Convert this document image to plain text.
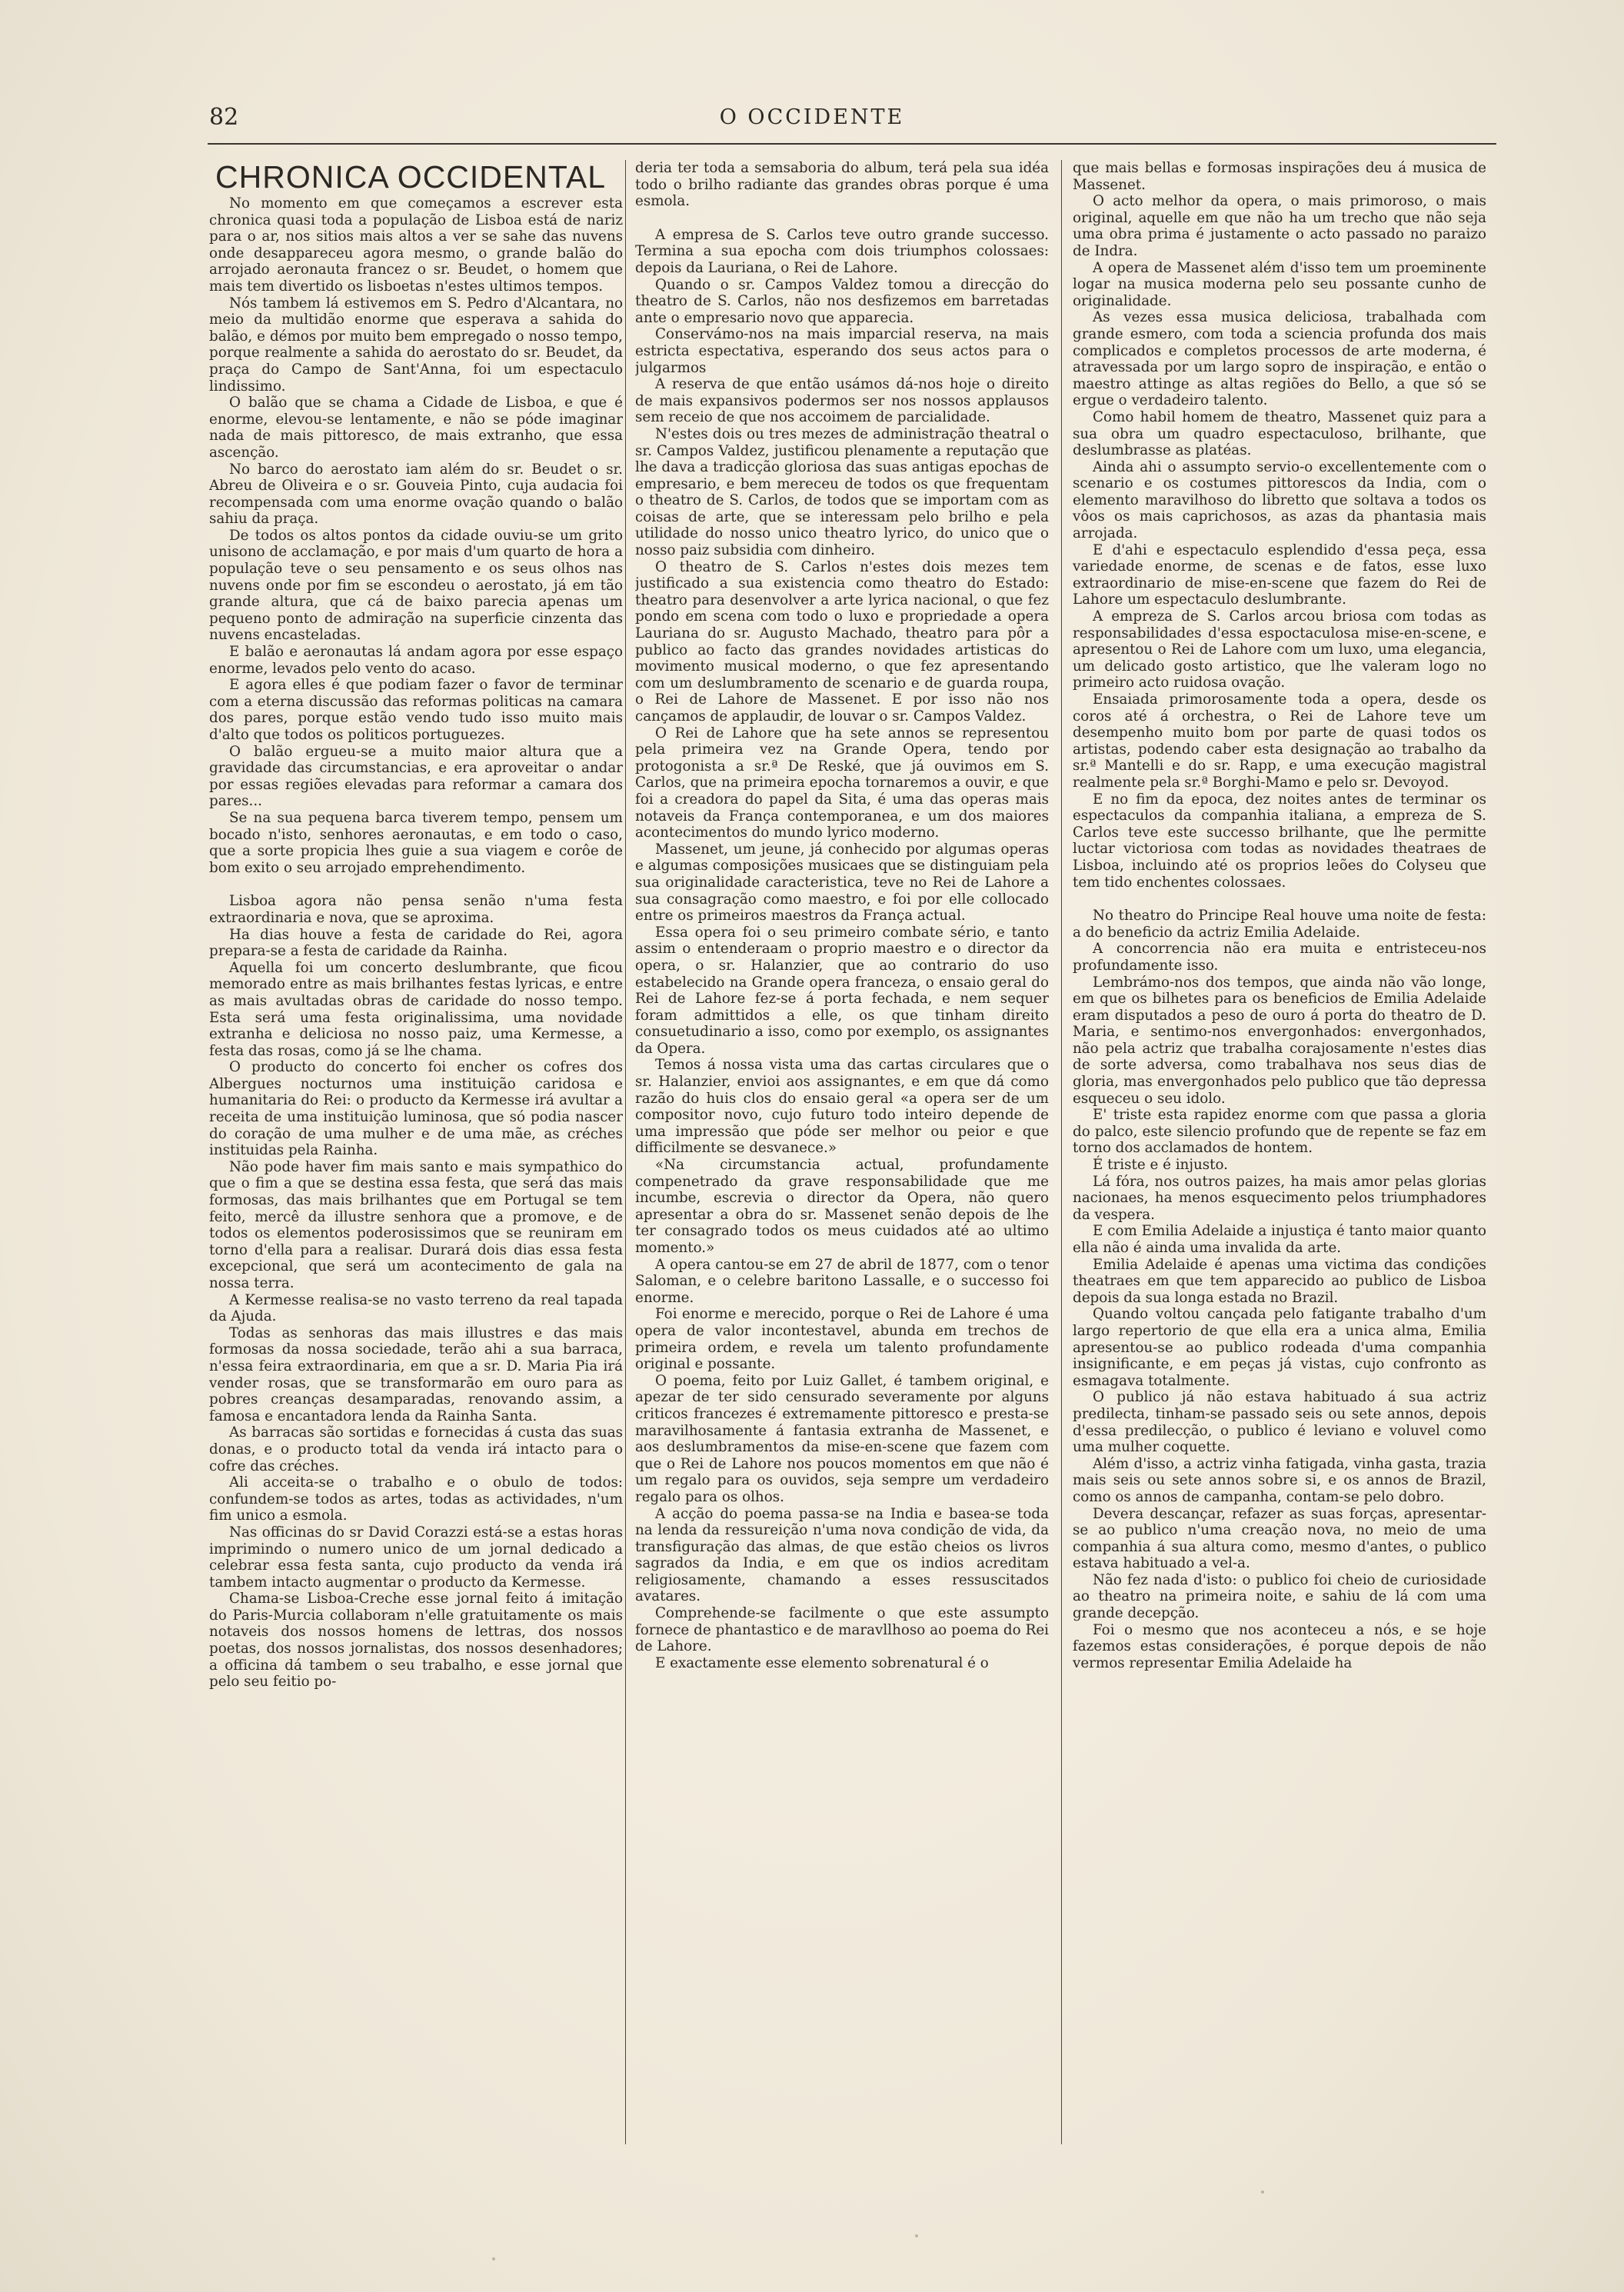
82	O OCCIDENTE
CHRONICA OCCIDENTAL

No momento em que começamos a escrever esta chronica quasi toda a população de Lisboa está de nariz para o ar, nos sitios mais altos a ver se sahe das nuvens onde desappareceu agora mesmo, o grande balão do arrojado aeronauta francez o sr. Beudet, o homem que mais tem divertido os lisboetas n'estes ultimos tempos.

Nós tambem lá estivemos em S. Pedro d'Alcantara, no meio da multidão enorme que esperava a sahida do balão, e démos por muito bem empregado o nosso tempo, porque realmente a sahida do aerostato do sr. Beudet, da praça do Campo de Sant'Anna, foi um espectaculo lindissimo.

O balão que se chama a Cidade de Lisboa, e que é enorme, elevou-se lentamente, e não se póde imaginar nada de mais pittoresco, de mais extranho, que essa ascenção.

No barco do aerostato iam além do sr. Beudet o sr. Abreu de Oliveira e o sr. Gouveia Pinto, cuja audacia foi recompensada com uma enorme ovação quando o balão sahiu da praça.

De todos os altos pontos da cidade ouviu-se um grito unisono de acclamação, e por mais d'um quarto de hora a população teve o seu pensamento e os seus olhos nas nuvens onde por fim se escondeu o aerostato, já em tão grande altura, que cá de baixo parecia apenas um pequeno ponto de admiração na superficie cinzenta das nuvens encasteladas.

E balão e aeronautas lá andam agora por esse espaço enorme, levados pelo vento do acaso.

E agora elles é que podiam fazer o favor de terminar com a eterna discussão das reformas politicas na camara dos pares, porque estão vendo tudo isso muito mais d'alto que todos os politicos portuguezes.

O balão ergueu-se a muito maior altura que a gravidade das circumstancias, e era aproveitar o andar por essas regiões elevadas para reformar a camara dos pares...

Se na sua pequena barca tiverem tempo, pensem um bocado n'isto, senhores aeronautas, e em todo o caso, que a sorte propicia lhes guie a sua viagem e corôe de bom exito o seu arrojado emprehendimento.

Lisboa agora não pensa senão n'uma festa extraordinaria e nova, que se aproxima.

Ha dias houve a festa de caridade do Rei, agora prepara-se a festa de caridade da Rainha.

Aquella foi um concerto deslumbrante, que ficou memorado entre as mais brilhantes festas lyricas, e entre as mais avultadas obras de caridade do nosso tempo. Esta será uma festa originalissima, uma novidade extranha e deliciosa no nosso paiz, uma Kermesse, a festa das rosas, como já se lhe chama.

O producto do concerto foi encher os cofres dos Albergues nocturnos uma instituição caridosa e humanitaria do Rei: o producto da Kermesse irá avultar a receita de uma instituição luminosa, que só podia nascer do coração de uma mulher e de uma mãe, as créches instituidas pela Rainha.

Não pode haver fim mais santo e mais sympathico do que o fim a que se destina essa festa, que será das mais formosas, das mais brilhantes que em Portugal se tem feito, mercê da illustre senhora que a promove, e de todos os elementos poderosissimos que se reuniram em torno d'ella para a realisar. Durará dois dias essa festa excepcional, que será um acontecimento de gala na nossa terra.

A Kermesse realisa-se no vasto terreno da real tapada da Ajuda.

Todas as senhoras das mais illustres e das mais formosas da nossa sociedade, terão ahi a sua barraca, n'essa feira extraordinaria, em que a sr. D. Maria Pia irá vender rosas, que se transformarão em ouro para as pobres creanças desamparadas, renovando assim, a famosa e encantadora lenda da Rainha Santa.

As barracas são sortidas e fornecidas á custa das suas donas, e o producto total da venda irá intacto para o cofre das créches.

Ali acceita-se o trabalho e o obulo de todos: confundem-se todos as artes, todas as actividades, n'um fim unico a esmola.

Nas officinas do sr David Corazzi está-se a estas horas imprimindo o numero unico de um jornal dedicado a celebrar essa festa santa, cujo producto da venda irá tambem intacto augmentar o producto da Kermesse.

Chama-se Lisboa-Creche esse jornal feito á imitação do Paris-Murcia collaboram n'elle gratuitamente os mais notaveis dos nossos homens de lettras, dos nossos poetas, dos nossos jornalistas, dos nossos desenhadores; a officina dá tambem o seu trabalho, e esse jornal que pelo seu feitio po-

deria ter toda a semsaboria do album, terá pela sua idéa todo o brilho radiante das grandes obras porque é uma esmola.

A empresa de S. Carlos teve outro grande successo. Termina a sua epocha com dois triumphos colossaes: depois da Lauriana, o Rei de Lahore.

Quando o sr. Campos Valdez tomou a direcção do theatro de S. Carlos, não nos desfizemos em barretadas ante o empresario novo que apparecia.

Conservámo-nos na mais imparcial reserva, na mais estricta espectativa, esperando dos seus actos para o julgarmos

A reserva de que então usámos dá-nos hoje o direito de mais expansivos podermos ser nos nossos applausos sem receio de que nos accoimem de parcialidade.

N'estes dois ou tres mezes de administração theatral o sr. Campos Valdez, justificou plenamente a reputação que lhe dava a tradicção gloriosa das suas antigas epochas de empresario, e bem mereceu de todos os que frequentam o theatro de S. Carlos, de todos que se importam com as coisas de arte, que se interessam pelo brilho e pela utilidade do nosso unico theatro lyrico, do unico que o nosso paiz subsidia com dinheiro.

O theatro de S. Carlos n'estes dois mezes tem justificado a sua existencia como theatro do Estado: theatro para desenvolver a arte lyrica nacional, o que fez pondo em scena com todo o luxo e propriedade a opera Lauriana do sr. Augusto Machado, theatro para pôr a publico ao facto das grandes novidades artisticas do movimento musical moderno, o que fez apresentando com um deslumbramento de scenario e de guarda roupa, o Rei de Lahore de Massenet. E por isso não nos cançamos de applaudir, de louvar o sr. Campos Valdez.

O Rei de Lahore que ha sete annos se representou pela primeira vez na Grande Opera, tendo por protogonista a sr.ª De Reské, que já ouvimos em S. Carlos, que na primeira epocha tornaremos a ouvir, e que foi a creadora do papel da Sita, é uma das operas mais notaveis da França contemporanea, e um dos maiores acontecimentos do mundo lyrico moderno.

Massenet, um jeune, já conhecido por algumas operas e algumas composições musicaes que se distinguiam pela sua originalidade caracteristica, teve no Rei de Lahore a sua consagração como maestro, e foi por elle collocado entre os primeiros maestros da França actual.

Essa opera foi o seu primeiro combate sério, e tanto assim o entenderaam o proprio maestro e o director da opera, o sr. Halanzier, que ao contrario do uso estabelecido na Grande opera franceza, o ensaio geral do Rei de Lahore fez-se á porta fechada, e nem sequer foram admittidos a elle, os que tinham direito consuetudinario a isso, como por exemplo, os assignantes da Opera.

Temos á nossa vista uma das cartas circulares que o sr. Halanzier, envioi aos assignantes, e em que dá como razão do huis clos do ensaio geral «a opera ser de um compositor novo, cujo futuro todo inteiro depende de uma impressão que póde ser melhor ou peior e que difficilmente se desvanece.»

«Na circumstancia actual, profundamente compenetrado da grave responsabilidade que me incumbe, escrevia o director da Opera, não quero apresentar a obra do sr. Massenet senão depois de lhe ter consagrado todos os meus cuidados até ao ultimo momento.»

A opera cantou-se em 27 de abril de 1877, com o tenor Saloman, e o celebre baritono Lassalle, e o successo foi enorme.

Foi enorme e merecido, porque o Rei de Lahore é uma opera de valor incontestavel, abunda em trechos de primeira ordem, e revela um talento profundamente original e possante.

O poema, feito por Luiz Gallet, é tambem original, e apezar de ter sido censurado severamente por alguns criticos francezes é extremamente pittoresco e presta-se maravilhosamente á fantasia extranha de Massenet, e aos deslumbramentos da mise-en-scene que fazem com que o Rei de Lahore nos poucos momentos em que não é um regalo para os ouvidos, seja sempre um verdadeiro regalo para os olhos.

A acção do poema passa-se na India e basea-se toda na lenda da ressureição n'uma nova condição de vida, da transfiguração das almas, de que estão cheios os livros sagrados da India, e em que os indios acreditam religiosamente, chamando a esses ressuscitados avatares.

Comprehende-se facilmente o que este assumpto fornece de phantastico e de maravllhoso ao poema do Rei de Lahore.

E exactamente esse elemento sobrenatural é o

que mais bellas e formosas inspirações deu á musica de Massenet.

O acto melhor da opera, o mais primoroso, o mais original, aquelle em que não ha um trecho que não seja uma obra prima é justamente o acto passado no paraizo de Indra.

A opera de Massenet além d'isso tem um proeminente logar na musica moderna pelo seu possante cunho de originalidade.

As vezes essa musica deliciosa, trabalhada com grande esmero, com toda a sciencia profunda dos mais complicados e completos processos de arte moderna, é atravessada por um largo sopro de inspiração, e então o maestro attinge as altas regiões do Bello, a que só se ergue o verdadeiro talento.

Como habil homem de theatro, Massenet quiz para a sua obra um quadro espectaculoso, brilhante, que deslumbrasse as platéas.

Ainda ahi o assumpto servio-o excellentemente com o scenario e os costumes pittorescos da India, com o elemento maravilhoso do libretto que soltava a todos os vôos os mais caprichosos, as azas da phantasia mais arrojada.

E d'ahi e espectaculo esplendido d'essa peça, essa variedade enorme, de scenas e de fatos, esse luxo extraordinario de mise-en-scene que fazem do Rei de Lahore um espectaculo deslumbrante.

A empreza de S. Carlos arcou briosa com todas as responsabilidades d'essa espoctaculosa mise-en-scene, e apresentou o Rei de Lahore com um luxo, uma elegancia, um delicado gosto artistico, que lhe valeram logo no primeiro acto ruidosa ovação.

Ensaiada primorosamente toda a opera, desde os coros até á orchestra, o Rei de Lahore teve um desempenho muito bom por parte de quasi todos os artistas, podendo caber esta designação ao trabalho da sr.ª Mantelli e do sr. Rapp, e uma execução magistral realmente pela sr.ª Borghi-Mamo e pelo sr. Devoyod.

E no fim da epoca, dez noites antes de terminar os espectaculos da companhia italiana, a empreza de S. Carlos teve este successo brilhante, que lhe permitte luctar victoriosa com todas as novidades theatraes de Lisboa, incluindo até os proprios leões do Colyseu que tem tido enchentes colossaes.

No theatro do Principe Real houve uma noite de festa: a do beneficio da actriz Emilia Adelaide.

A concorrencia não era muita e entristeceu-nos profundamente isso.

Lembrámo-nos dos tempos, que ainda não vão longe, em que os bilhetes para os beneficios de Emilia Adelaide eram disputados a peso de ouro á porta do theatro de D. Maria, e sentimo-nos envergonhados: envergonhados, não pela actriz que trabalha corajosamente n'estes dias de sorte adversa, como trabalhava nos seus dias de gloria, mas envergonhados pelo publico que tão depressa esqueceu o seu idolo.

E' triste esta rapidez enorme com que passa a gloria do palco, este silencio profundo que de repente se faz em torno dos acclamados de hontem.

É triste e é injusto.

Lá fóra, nos outros paizes, ha mais amor pelas glorias nacionaes, ha menos esquecimento pelos triumphadores da vespera.

E com Emilia Adelaide a injustiça é tanto maior quanto ella não é ainda uma invalida da arte.

Emilia Adelaide é apenas uma victima das condições theatraes em que tem apparecido ao publico de Lisboa depois da sua longa estada no Brazil.

Quando voltou cançada pelo fatigante trabalho d'um largo repertorio de que ella era a unica alma, Emilia apresentou-se ao publico rodeada d'uma companhia insignificante, e em peças já vistas, cujo confronto as esmagava totalmente.

O publico já não estava habituado á sua actriz predilecta, tinham-se passado seis ou sete annos, depois d'essa predilecção, o publico é leviano e voluvel como uma mulher coquette.

Além d'isso, a actriz vinha fatigada, vinha gasta, trazia mais seis ou sete annos sobre si, e os annos de Brazil, como os annos de campanha, contam-se pelo dobro.

Devera descançar, refazer as suas forças, apresentar-se ao publico n'uma creação nova, no meio de uma companhia á sua altura como, mesmo d'antes, o publico estava habituado a vel-a.

Não fez nada d'isto: o publico foi cheio de curiosidade ao theatro na primeira noite, e sahiu de lá com uma grande decepção.

Foi o mesmo que nos aconteceu a nós, e se hoje fazemos estas considerações, é porque depois de não vermos representar Emilia Adelaide ha
